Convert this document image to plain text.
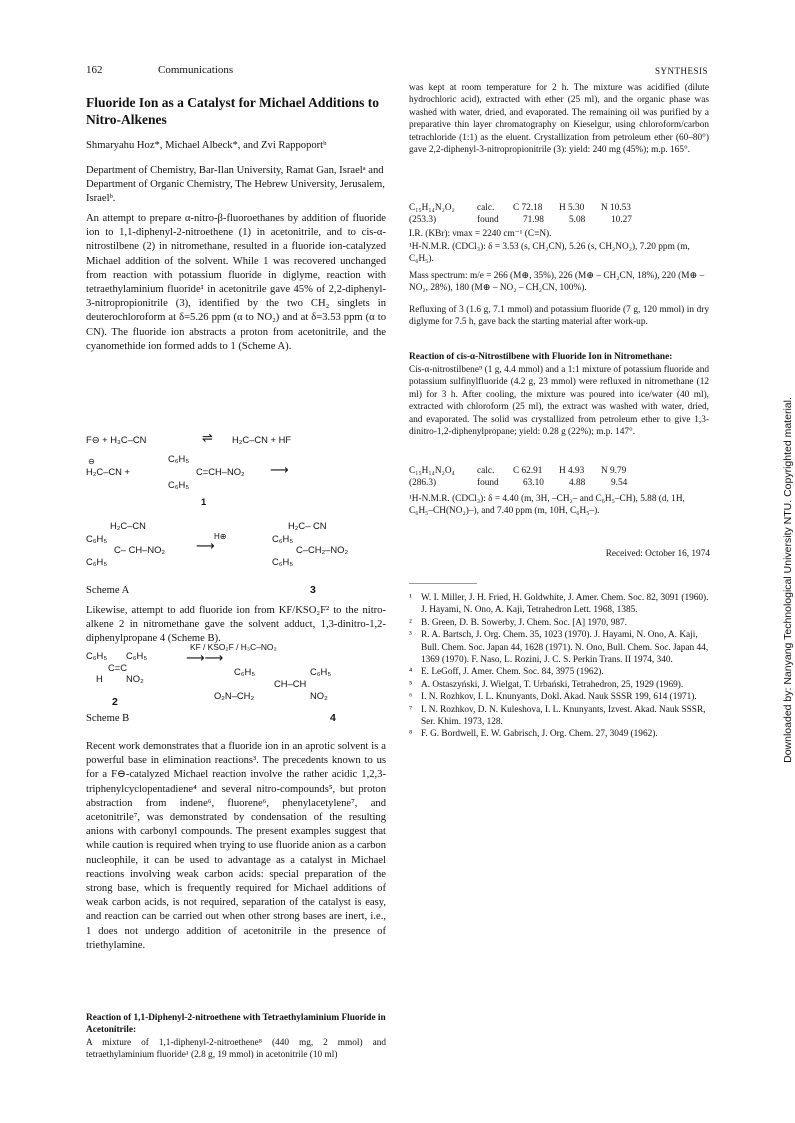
162	Communications	SYNTHESIS
Fluoride Ion as a Catalyst for Michael Additions to Nitro-Alkenes
Shmaryahu Hoz*, Michael Albeck*, and Zvi Rappoportᵇ
Department of Chemistry, Bar-Ilan University, Ramat Gan, Israelᵃ and Department of Organic Chemistry, The Hebrew University, Jerusalem, Israelᵇ.
An attempt to prepare α-nitro-β-fluoroethanes by addition of fluoride ion to 1,1-diphenyl-2-nitroethene (1) in acetonitrile, and to cis-α-nitrostilbene (2) in nitromethane, resulted in a fluoride ion-catalyzed Michael addition of the solvent. While 1 was recovered unchanged from reaction with potassium fluoride in diglyme, reaction with tetraethylaminium fluoride¹ in acetonitrile gave 45% of 2,2-diphenyl-3-nitropropionitrile (3), identified by the two CH₂ singlets in deuterochloroform at δ=5.26 ppm (α to NO₂) and at δ=3.53 ppm (α to CN). The fluoride ion abstracts a proton from acetonitrile, and the cyanomethide ion formed adds to 1 (Scheme A).
F⊖ + H₃C–CN	⇌ H₂C–CN + HF
⊖
H₂C–CN +
C₆H₅
C=CH–NO₂
C₆H₅
⟶
1
H₂C–CN
C₆H₅
C– CH–NO₂
C₆H₅
H⊕
⟶
H₂C– CN
C₆H₅
C–CH₂–NO₂
C₆H₅
Scheme A	3
Likewise, attempt to add fluoride ion from KF/KSO₂F² to the nitro-alkene 2 in nitromethane gave the solvent adduct, 1,3-dinitro-1,2-diphenylpropane 4 (Scheme B).
C₆H₅ C₆H₅
C=C
H NO₂
KF / KSO₂F / H₃C–NO₂
⟶⟶
2
C₆H₅	C₆H₅
CH–CH
O₂N–CH₂	NO₂
Scheme B	4
Recent work demonstrates that a fluoride ion in an aprotic solvent is a powerful base in elimination reactions³. The precedents known to us for a F⊖-catalyzed Michael reaction involve the rather acidic 1,2,3-triphenylcyclopentadiene⁴ and several nitro-compounds⁵, but proton abstraction from indene⁶, fluorene⁶, phenylacetylene⁷, and acetonitrile⁷, was demonstrated by condensation of the resulting anions with carbonyl compounds. The present examples suggest that while caution is required when trying to use fluoride anion as a carbon nucleophile, it can be used to advantage as a catalyst in Michael reactions involving weak carbon acids: special preparation of the strong base, which is frequently required for Michael additions of weak carbon acids, is not required, separation of the catalyst is easy, and reaction can be carried out when other strong bases are inert, i.e., 1 does not undergo addition of acetonitrile in the presence of triethylamine.
Reaction of 1,1-Diphenyl-2-nitroethene with Tetraethylaminium Fluoride in Acetonitrile:
A mixture of 1,1-diphenyl-2-nitroethene⁸ (440 mg, 2 mmol) and tetraethylaminium fluoride¹ (2.8 g, 19 mmol) in acetonitrile (10 ml)
was kept at room temperature for 2 h. The mixture was acidified (dilute hydrochloric acid), extracted with ether (25 ml), and the organic phase was washed with water, dried, and evaporated. The remaining oil was purified by a preparative thin layer chromatography on Kieselgur, using chloroform/carbon tetrachloride (1:1) as the eluent. Crystallization from petroleum ether (60–80°) gave 2,2-diphenyl-3-nitropropionitrile (3): yield: 240 mg (45%); m.p. 165°.
C₁₅H₁₄N₂O₂	calc.	C 72.18	H 5.30	N 10.53
(253.3)	found	71.98	5.08	10.27
I.R. (KBr): νmax = 2240 cm⁻¹ (C≡N).
¹H-N.M.R. (CDCl₃): δ = 3.53 (s, CH₂CN), 5.26 (s, CH₂NO₂), 7.20 ppm (m, C₆H₅).
Mass spectrum: m/e = 266 (M⊕, 35%), 226 (M⊕ – CH₂CN, 18%), 220 (M⊕ – NO₂, 28%), 180 (M⊕ – NO₂ – CH₂CN, 100%).
Refluxing of 3 (1.6 g, 7.1 mmol) and potassium fluoride (7 g, 120 mmol) in dry diglyme for 7.5 h, gave back the starting material after work-up.
Reaction of cis-α-Nitrostilbene with Fluoride Ion in Nitromethane:
Cis-α-nitrostilbene⁹ (1 g, 4.4 mmol) and a 1:1 mixture of potassium fluoride and potassium sulfinylfluoride (4.2 g, 23 mmol) were refluxed in nitromethane (12 ml) for 3 h. After cooling, the mixture was poured into ice/water (40 ml), extracted with chloroform (25 ml), the extract was washed with water, dried, and evaporated. The solid was crystallized from petroleum ether to give 1,3-dinitro-1,2-diphenylpropane; yield: 0.28 g (22%); m.p. 147°.
C₁₅H₁₄N₂O₄	calc.	C 62.91	H 4.93	N 9.79
(286.3)	found	63.10	4.88	9.54
¹H-N.M.R. (CDCl₃): δ = 4.40 (m, 3H, –CH₂– and C₆H₅–CH), 5.88 (d, 1H, C₆H₅–CH(NO₂)–), and 7.40 ppm (m, 10H, C₆H₅–).
Received: October 16, 1974
¹ W. I. Miller, J. H. Fried, H. Goldwhite, J. Amer. Chem. Soc. 82, 3091 (1960). J. Hayami, N. Ono, A. Kaji, Tetrahedron Lett. 1968, 1385.
² B. Green, D. B. Sowerby, J. Chem. Soc. [A] 1970, 987.
³ R. A. Bartsch, J. Org. Chem. 35, 1023 (1970). J. Hayami, N. Ono, A. Kaji, Bull. Chem. Soc. Japan 44, 1628 (1971). N. Ono, Bull. Chem. Soc. Japan 44, 1369 (1970). F. Naso, L. Rozini, J. C. S. Perkin Trans. II 1974, 340.
⁴ E. LeGoff, J. Amer. Chem. Soc. 84, 3975 (1962).
⁵ A. Ostaszyński, J. Wielgat, T. Urbański, Tetrahedron, 25, 1929 (1969).
⁶ I. N. Rozhkov, I. L. Knunyants, Dokl. Akad. Nauk SSSR 199, 614 (1971).
⁷ I. N. Rozhkov, D. N. Kuleshova, I. L. Knunyants, Izvest. Akad. Nauk SSSR, Ser. Khim. 1973, 128.
⁸ F. G. Bordwell, E. W. Gabrisch, J. Org. Chem. 27, 3049 (1962).	Downloaded by: Nanyang Technological University NTU. Copyrighted material.
